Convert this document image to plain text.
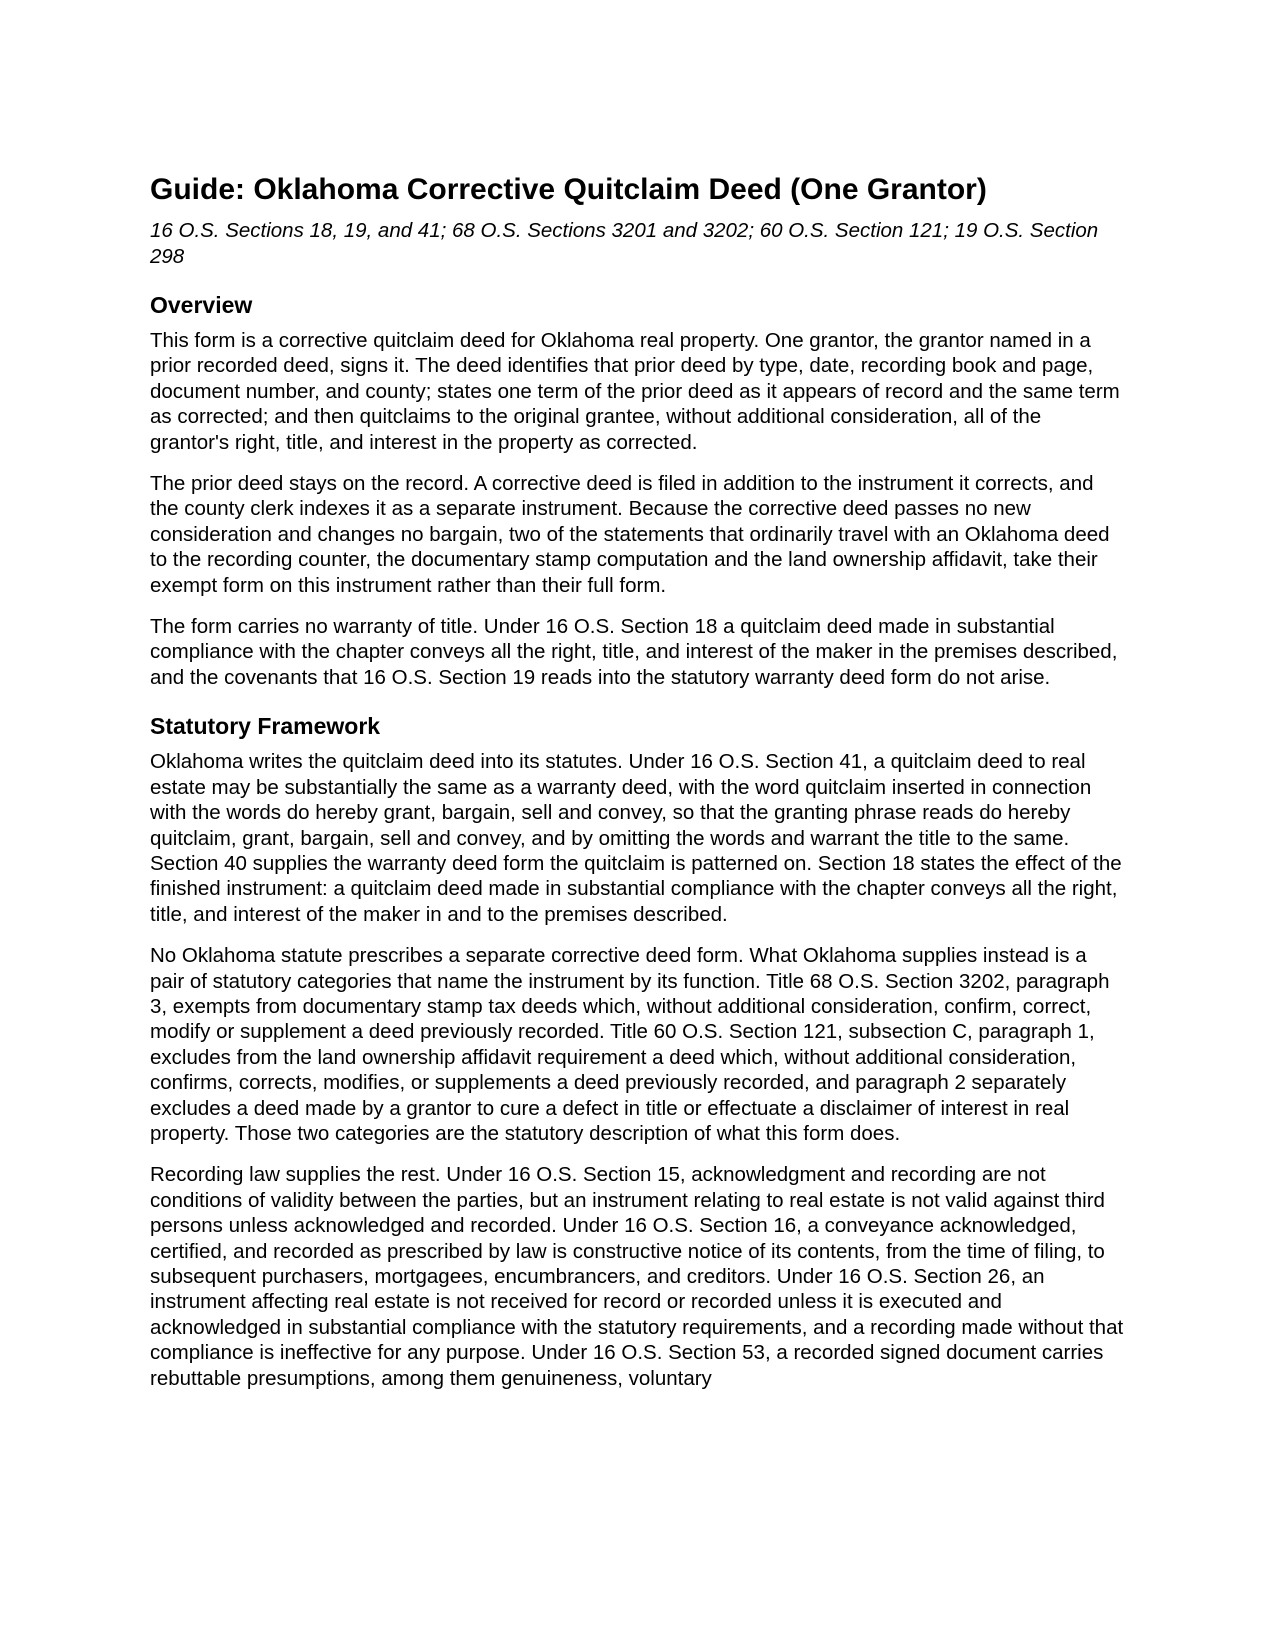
Guide: Oklahoma Corrective Quitclaim Deed (One Grantor)

16 O.S. Sections 18, 19, and 41; 68 O.S. Sections 3201 and 3202; 60 O.S. Section 121; 19 O.S. Section 298

Overview

This form is a corrective quitclaim deed for Oklahoma real property. One grantor, the grantor named in a prior recorded deed, signs it. The deed identifies that prior deed by type, date, recording book and page, document number, and county; states one term of the prior deed as it appears of record and the same term as corrected; and then quitclaims to the original grantee, without additional consideration, all of the grantor's right, title, and interest in the property as corrected.

The prior deed stays on the record. A corrective deed is filed in addition to the instrument it corrects, and the county clerk indexes it as a separate instrument. Because the corrective deed passes no new consideration and changes no bargain, two of the statements that ordinarily travel with an Oklahoma deed to the recording counter, the documentary stamp computation and the land ownership affidavit, take their exempt form on this instrument rather than their full form.

The form carries no warranty of title. Under 16 O.S. Section 18 a quitclaim deed made in substantial compliance with the chapter conveys all the right, title, and interest of the maker in the premises described, and the covenants that 16 O.S. Section 19 reads into the statutory warranty deed form do not arise.

Statutory Framework

Oklahoma writes the quitclaim deed into its statutes. Under 16 O.S. Section 41, a quitclaim deed to real estate may be substantially the same as a warranty deed, with the word quitclaim inserted in connection with the words do hereby grant, bargain, sell and convey, so that the granting phrase reads do hereby quitclaim, grant, bargain, sell and convey, and by omitting the words and warrant the title to the same. Section 40 supplies the warranty deed form the quitclaim is patterned on. Section 18 states the effect of the finished instrument: a quitclaim deed made in substantial compliance with the chapter conveys all the right, title, and interest of the maker in and to the premises described.

No Oklahoma statute prescribes a separate corrective deed form. What Oklahoma supplies instead is a pair of statutory categories that name the instrument by its function. Title 68 O.S. Section 3202, paragraph 3, exempts from documentary stamp tax deeds which, without additional consideration, confirm, correct, modify or supplement a deed previously recorded. Title 60 O.S. Section 121, subsection C, paragraph 1, excludes from the land ownership affidavit requirement a deed which, without additional consideration, confirms, corrects, modifies, or supplements a deed previously recorded, and paragraph 2 separately excludes a deed made by a grantor to cure a defect in title or effectuate a disclaimer of interest in real property. Those two categories are the statutory description of what this form does.

Recording law supplies the rest. Under 16 O.S. Section 15, acknowledgment and recording are not conditions of validity between the parties, but an instrument relating to real estate is not valid against third persons unless acknowledged and recorded. Under 16 O.S. Section 16, a conveyance acknowledged, certified, and recorded as prescribed by law is constructive notice of its contents, from the time of filing, to subsequent purchasers, mortgagees, encumbrancers, and creditors. Under 16 O.S. Section 26, an instrument affecting real estate is not received for record or recorded unless it is executed and acknowledged in substantial compliance with the statutory requirements, and a recording made without that compliance is ineffective for any purpose. Under 16 O.S. Section 53, a recorded signed document carries rebuttable presumptions, among them genuineness, voluntary
